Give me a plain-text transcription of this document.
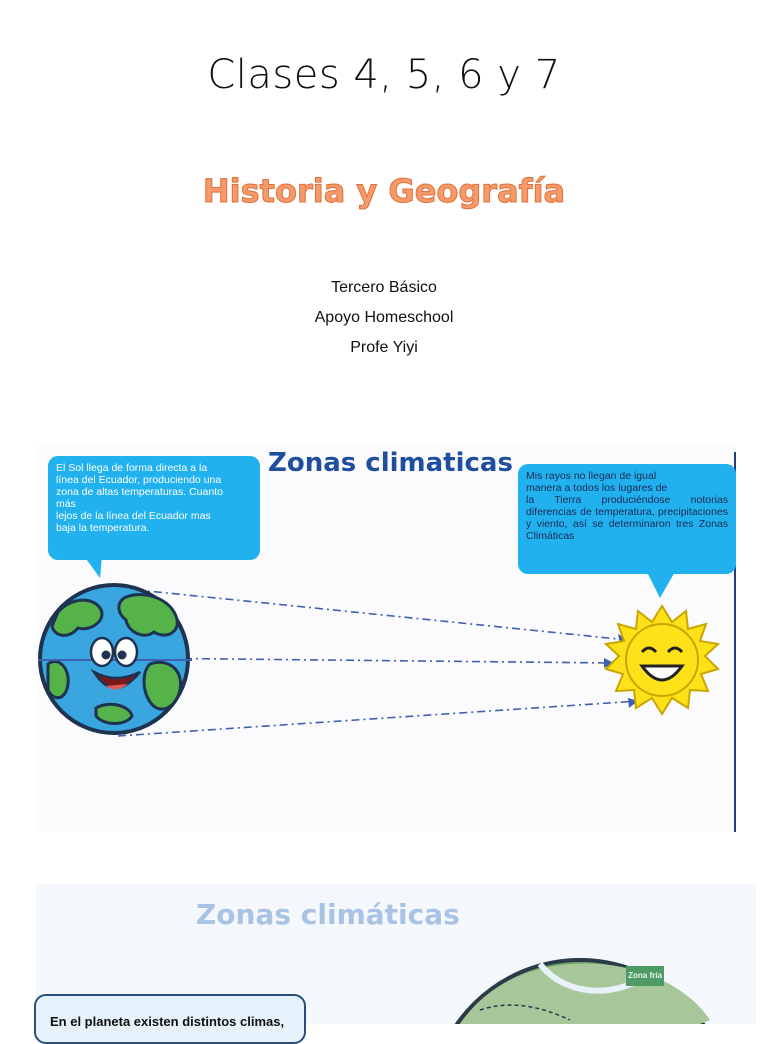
Clases 4, 5, 6 y 7
Historia y Geografía
Tercero Básico
Apoyo Homeschool
Profe Yiyi
Zonas climaticas
El Sol llega de forma directa a la
línea del Ecuador, produciendo una
zona de altas temperaturas. Cuanto
más
lejos de la línea del Ecuador mas
baja la temperatura.

Mis rayos no llegan de igual

manera a todos los lugares de

la Tierra produciéndose notorias diferencias de temperatura, precipitaciones y viento, así se determinaron tres Zonas Climáticas

Zonas climáticas
Zona fría
En el planeta existen distintos climas,
